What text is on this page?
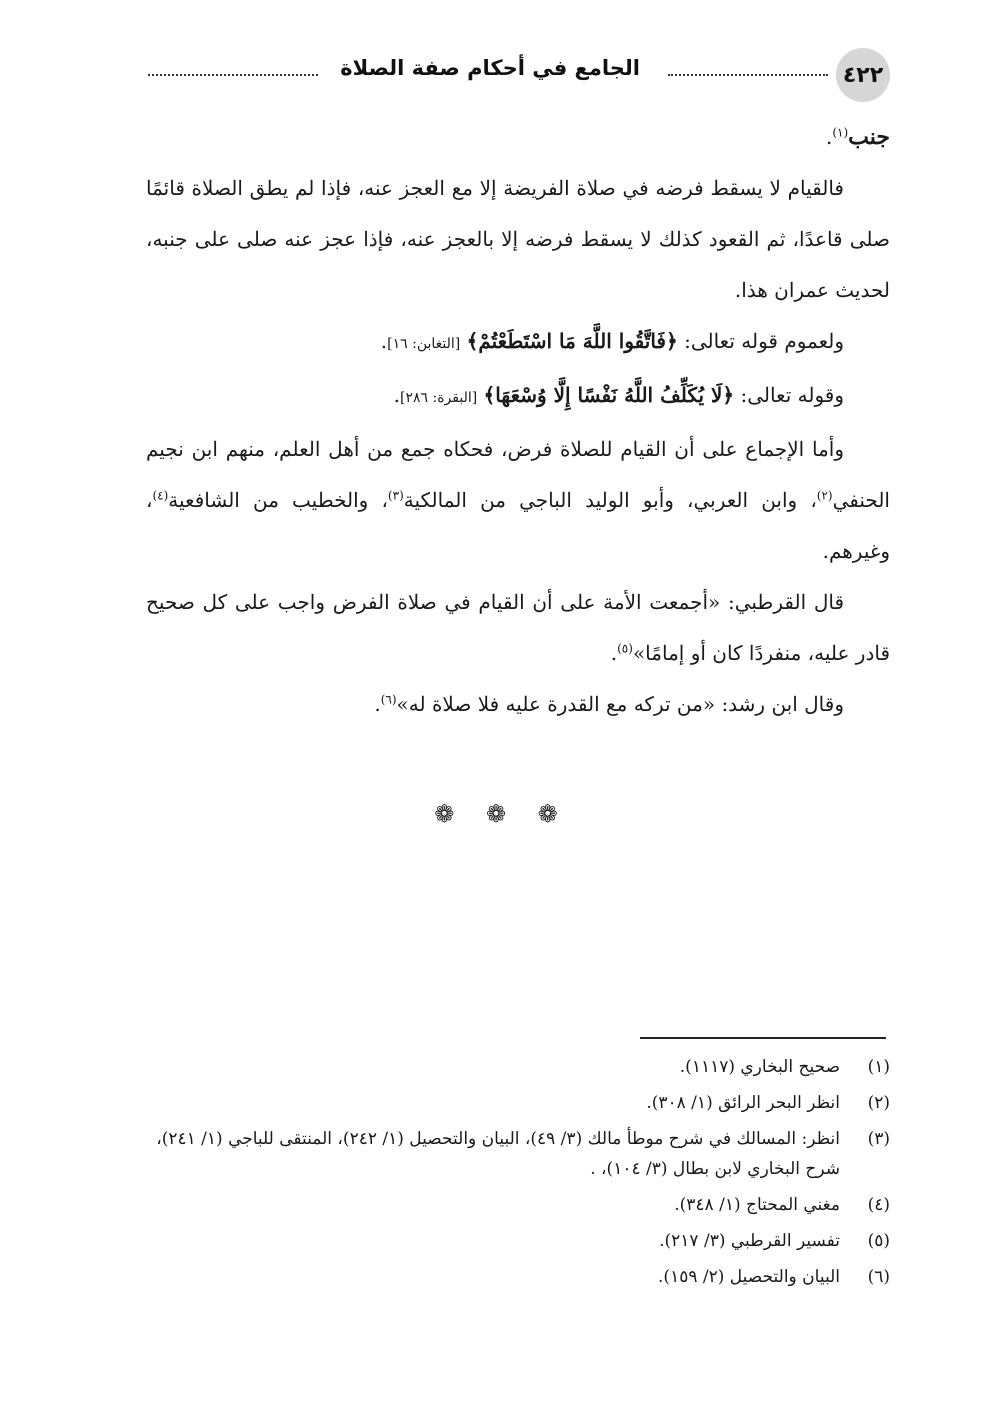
٤٢٢
الجامع في أحكام صفة الصلاة

جنب$^{(١)}$.

فالقيام لا يسقط فرضه في صلاة الفريضة إلا مع العجز عنه، فإذا لم يطق الصلاة قائمًا صلى قاعدًا، ثم القعود كذلك لا يسقط فرضه إلا بالعجز عنه، فإذا عجز عنه صلى على جنبه، لحديث عمران هذا.

ولعموم قوله تعالى: ﴿فَاتَّقُوا اللَّهَ مَا اسْتَطَعْتُمْ﴾ [التغابن: ١٦].

وقوله تعالى: ﴿لَا يُكَلِّفُ اللَّهُ نَفْسًا إِلَّا وُسْعَهَا﴾ [البقرة: ٢٨٦].

وأما الإجماع على أن القيام للصلاة فرض، فحكاه جمع من أهل العلم، منهم ابن نجيم الحنفي$^{(٢)}$، وابن العربي، وأبو الوليد الباجي من المالكية$^{(٣)}$، والخطيب من الشافعية$^{(٤)}$، وغيرهم.

قال القرطبي: «أجمعت الأمة على أن القيام في صلاة الفرض واجب على كل صحيح قادر عليه، منفردًا كان أو إمامًا»$^{(٥)}$.

وقال ابن رشد: «من تركه مع القدرة عليه فلا صلاة له»$^{(٦)}$.

❁ ❁ ❁
(١)
صحيح البخاري (١١١٧).
(٢)
انظر البحر الرائق (١/ ٣٠٨).
(٣)
انظر: المسالك في شرح موطأ مالك (٣/ ٤٩)، البيان والتحصيل (١/ ٢٤٢)، المنتقى للباجي (١/ ٢٤١)، شرح البخاري لابن بطال (٣/ ١٠٤)، .
(٤)
مغني المحتاج (١/ ٣٤٨).
(٥)
تفسير القرطبي (٣/ ٢١٧).
(٦)
البيان والتحصيل (٢/ ١٥٩).
